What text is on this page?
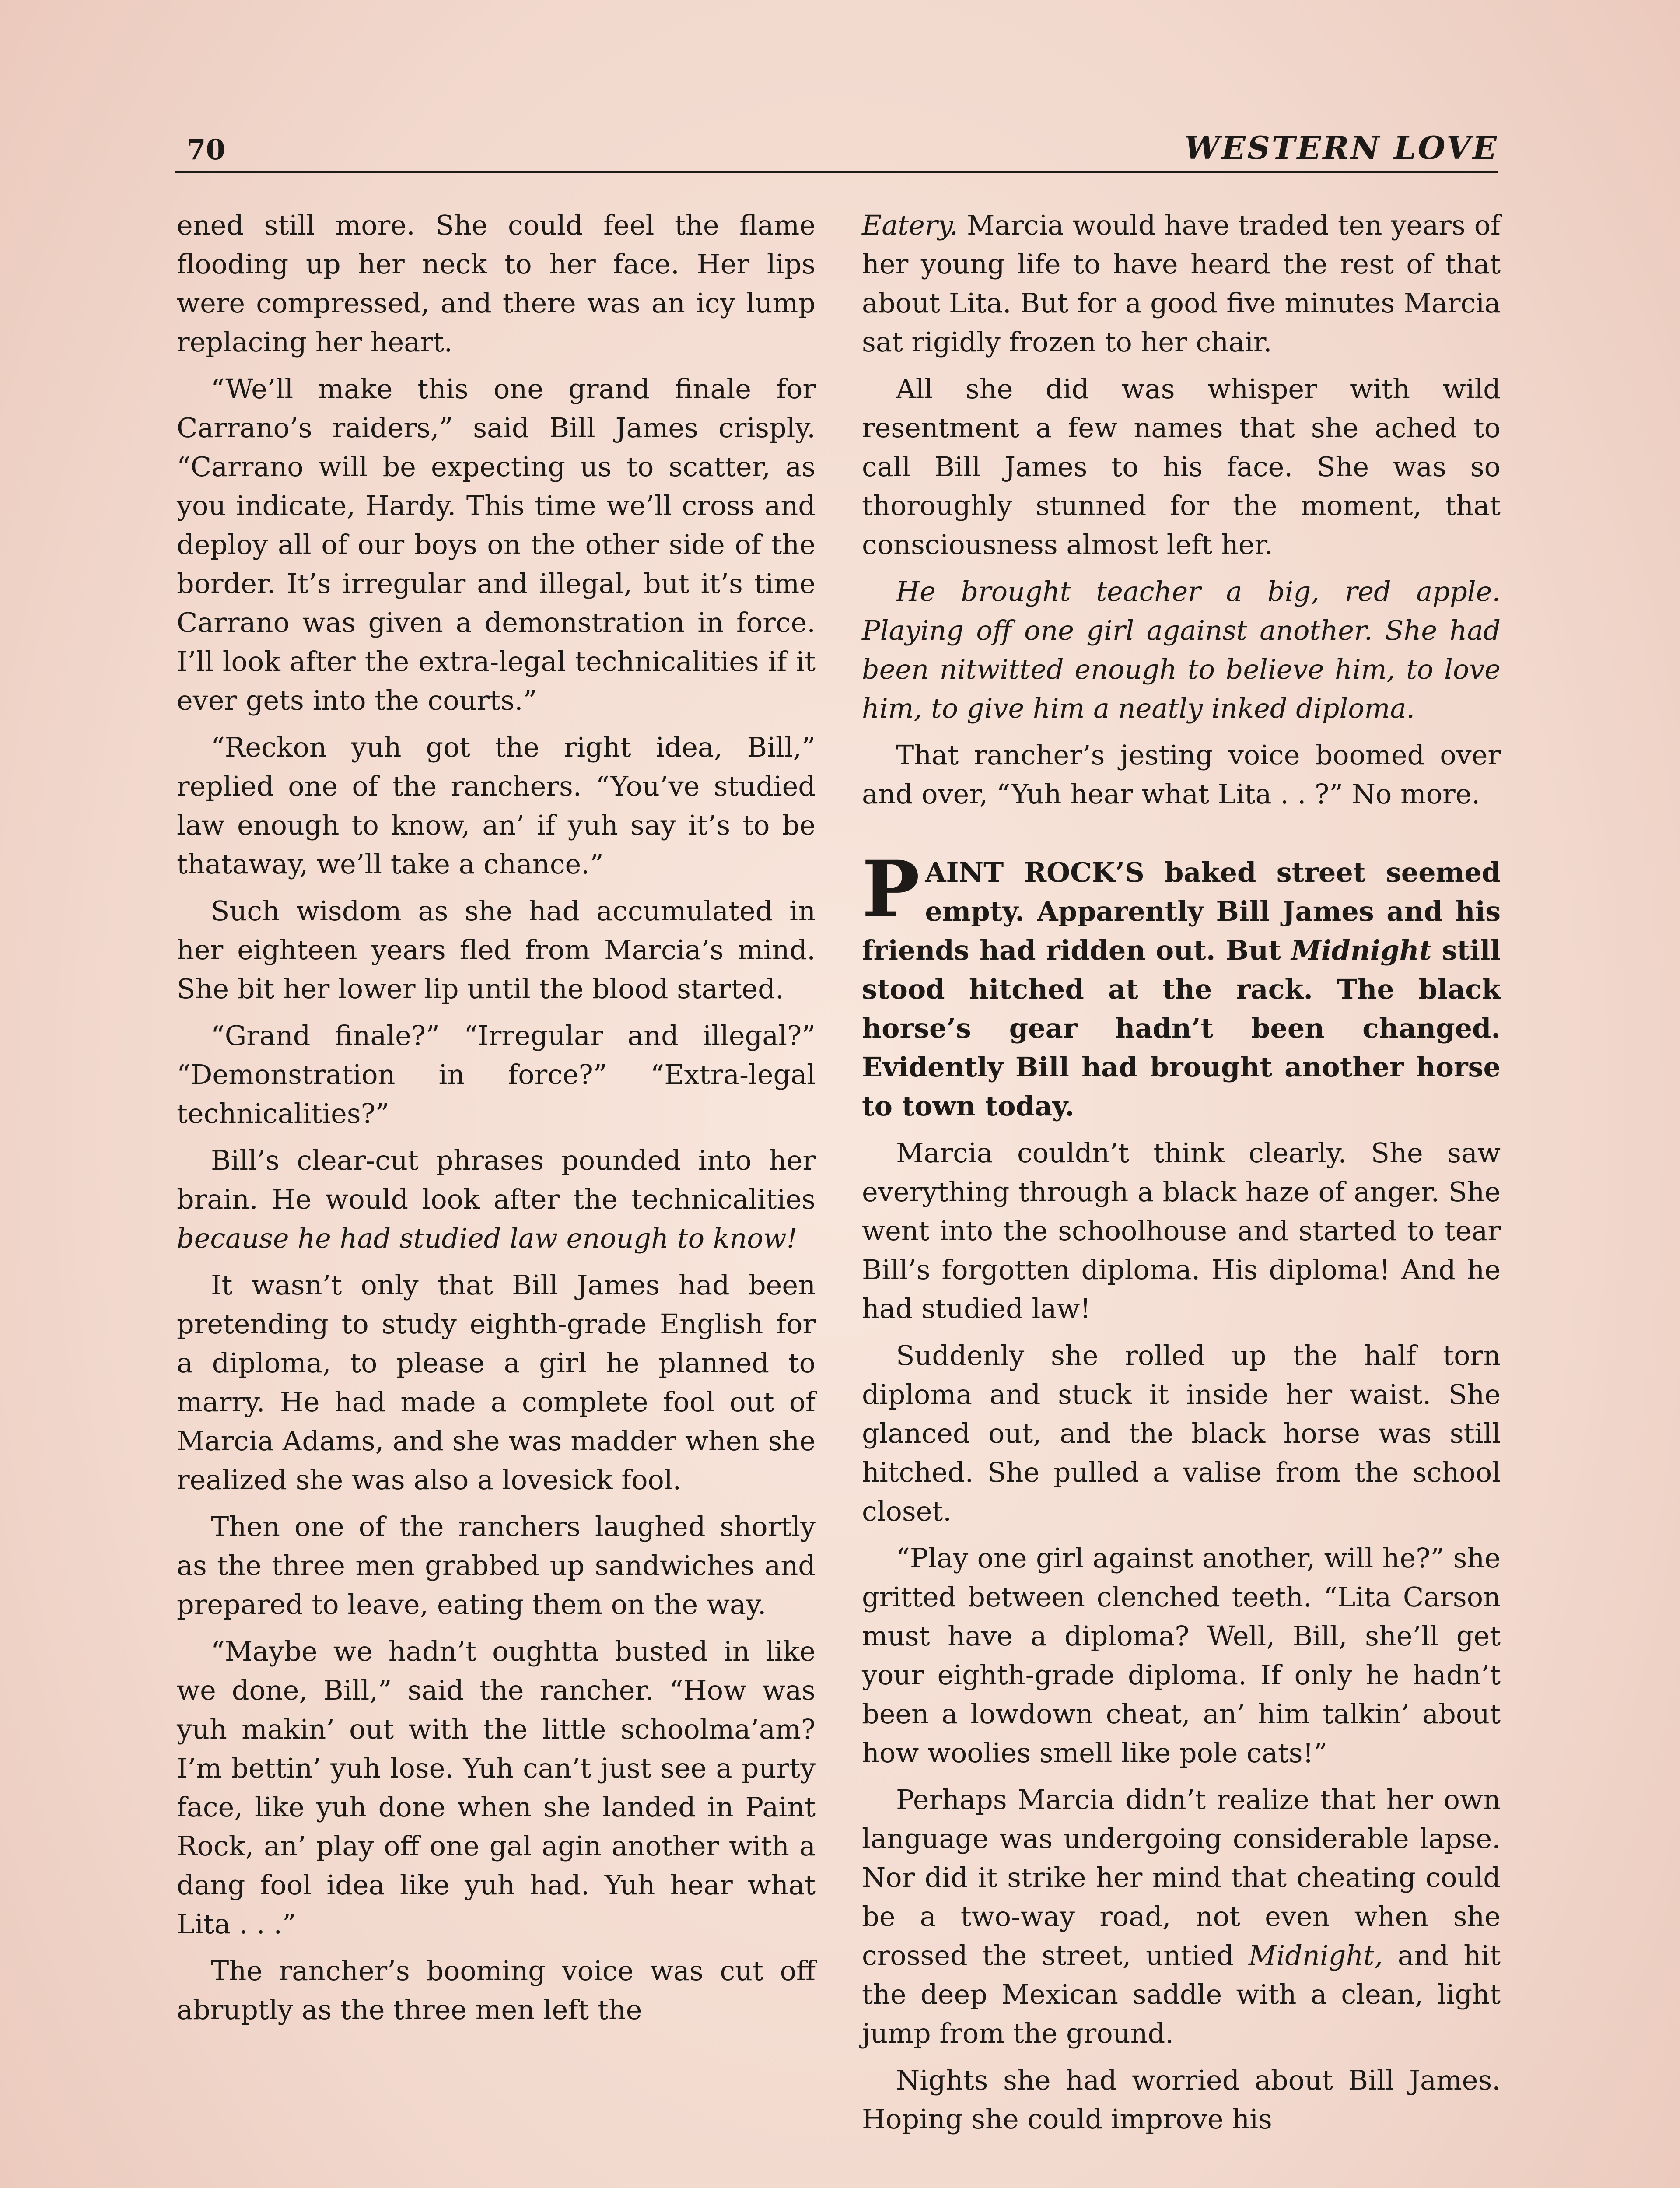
70	WESTERN LOVE

ened still more. She could feel the flame flooding up her neck to her face. Her lips were compressed, and there was an icy lump replacing her heart.

“We’ll make this one grand finale for Carrano’s raiders,” said Bill James crisply. “Carrano will be expecting us to scatter, as you indicate, Hardy. This time we’ll cross and deploy all of our boys on the other side of the border. It’s irregular and illegal, but it’s time Carrano was given a demonstration in force. I’ll look after the extra-legal technicalities if it ever gets into the courts.”

“Reckon yuh got the right idea, Bill,” replied one of the ranchers. “You’ve studied law enough to know, an’ if yuh say it’s to be thataway, we’ll take a chance.”

Such wisdom as she had accumulated in her eighteen years fled from Marcia’s mind. She bit her lower lip until the blood started.

“Grand finale?” “Irregular and illegal?” “Demonstration in force?” “Extra-legal technicalities?”

Bill’s clear-cut phrases pounded into her brain. He would look after the technicalities because he had studied law enough to know!

It wasn’t only that Bill James had been pretending to study eighth-grade English for a diploma, to please a girl he planned to marry. He had made a complete fool out of Marcia Adams, and she was madder when she realized she was also a lovesick fool.

Then one of the ranchers laughed shortly as the three men grabbed up sandwiches and prepared to leave, eating them on the way.

“Maybe we hadn’t oughtta busted in like we done, Bill,” said the rancher. “How was yuh makin’ out with the little schoolma’am? I’m bettin’ yuh lose. Yuh can’t just see a purty face, like yuh done when she landed in Paint Rock, an’ play off one gal agin another with a dang fool idea like yuh had. Yuh hear what Lita . . .”

The rancher’s booming voice was cut off abruptly as the three men left the

Eatery. Marcia would have traded ten years of her young life to have heard the rest of that about Lita. But for a good five minutes Marcia sat rigidly frozen to her chair.

All she did was whisper with wild resentment a few names that she ached to call Bill James to his face. She was so thoroughly stunned for the moment, that consciousness almost left her.

He brought teacher a big, red apple. Playing off one girl against another. She had been nitwitted enough to believe him, to love him, to give him a neatly inked diploma.

That rancher’s jesting voice boomed over and over, “Yuh hear what Lita . . ?” No more.

PAINT ROCK’S baked street seemed empty. Apparently Bill James and his friends had ridden out. But Midnight still stood hitched at the rack. The black horse’s gear hadn’t been changed. Evidently Bill had brought another horse to town today.

Marcia couldn’t think clearly. She saw everything through a black haze of anger. She went into the schoolhouse and started to tear Bill’s forgotten diploma. His diploma! And he had studied law!

Suddenly she rolled up the half torn diploma and stuck it inside her waist. She glanced out, and the black horse was still hitched. She pulled a valise from the school closet.

“Play one girl against another, will he?” she gritted between clenched teeth. “Lita Carson must have a diploma? Well, Bill, she’ll get your eighth-grade diploma. If only he hadn’t been a lowdown cheat, an’ him talkin’ about how woolies smell like pole cats!”

Perhaps Marcia didn’t realize that her own language was undergoing considerable lapse. Nor did it strike her mind that cheating could be a two-way road, not even when she crossed the street, untied Midnight, and hit the deep Mexican saddle with a clean, light jump from the ground.

Nights she had worried about Bill James. Hoping she could improve his
